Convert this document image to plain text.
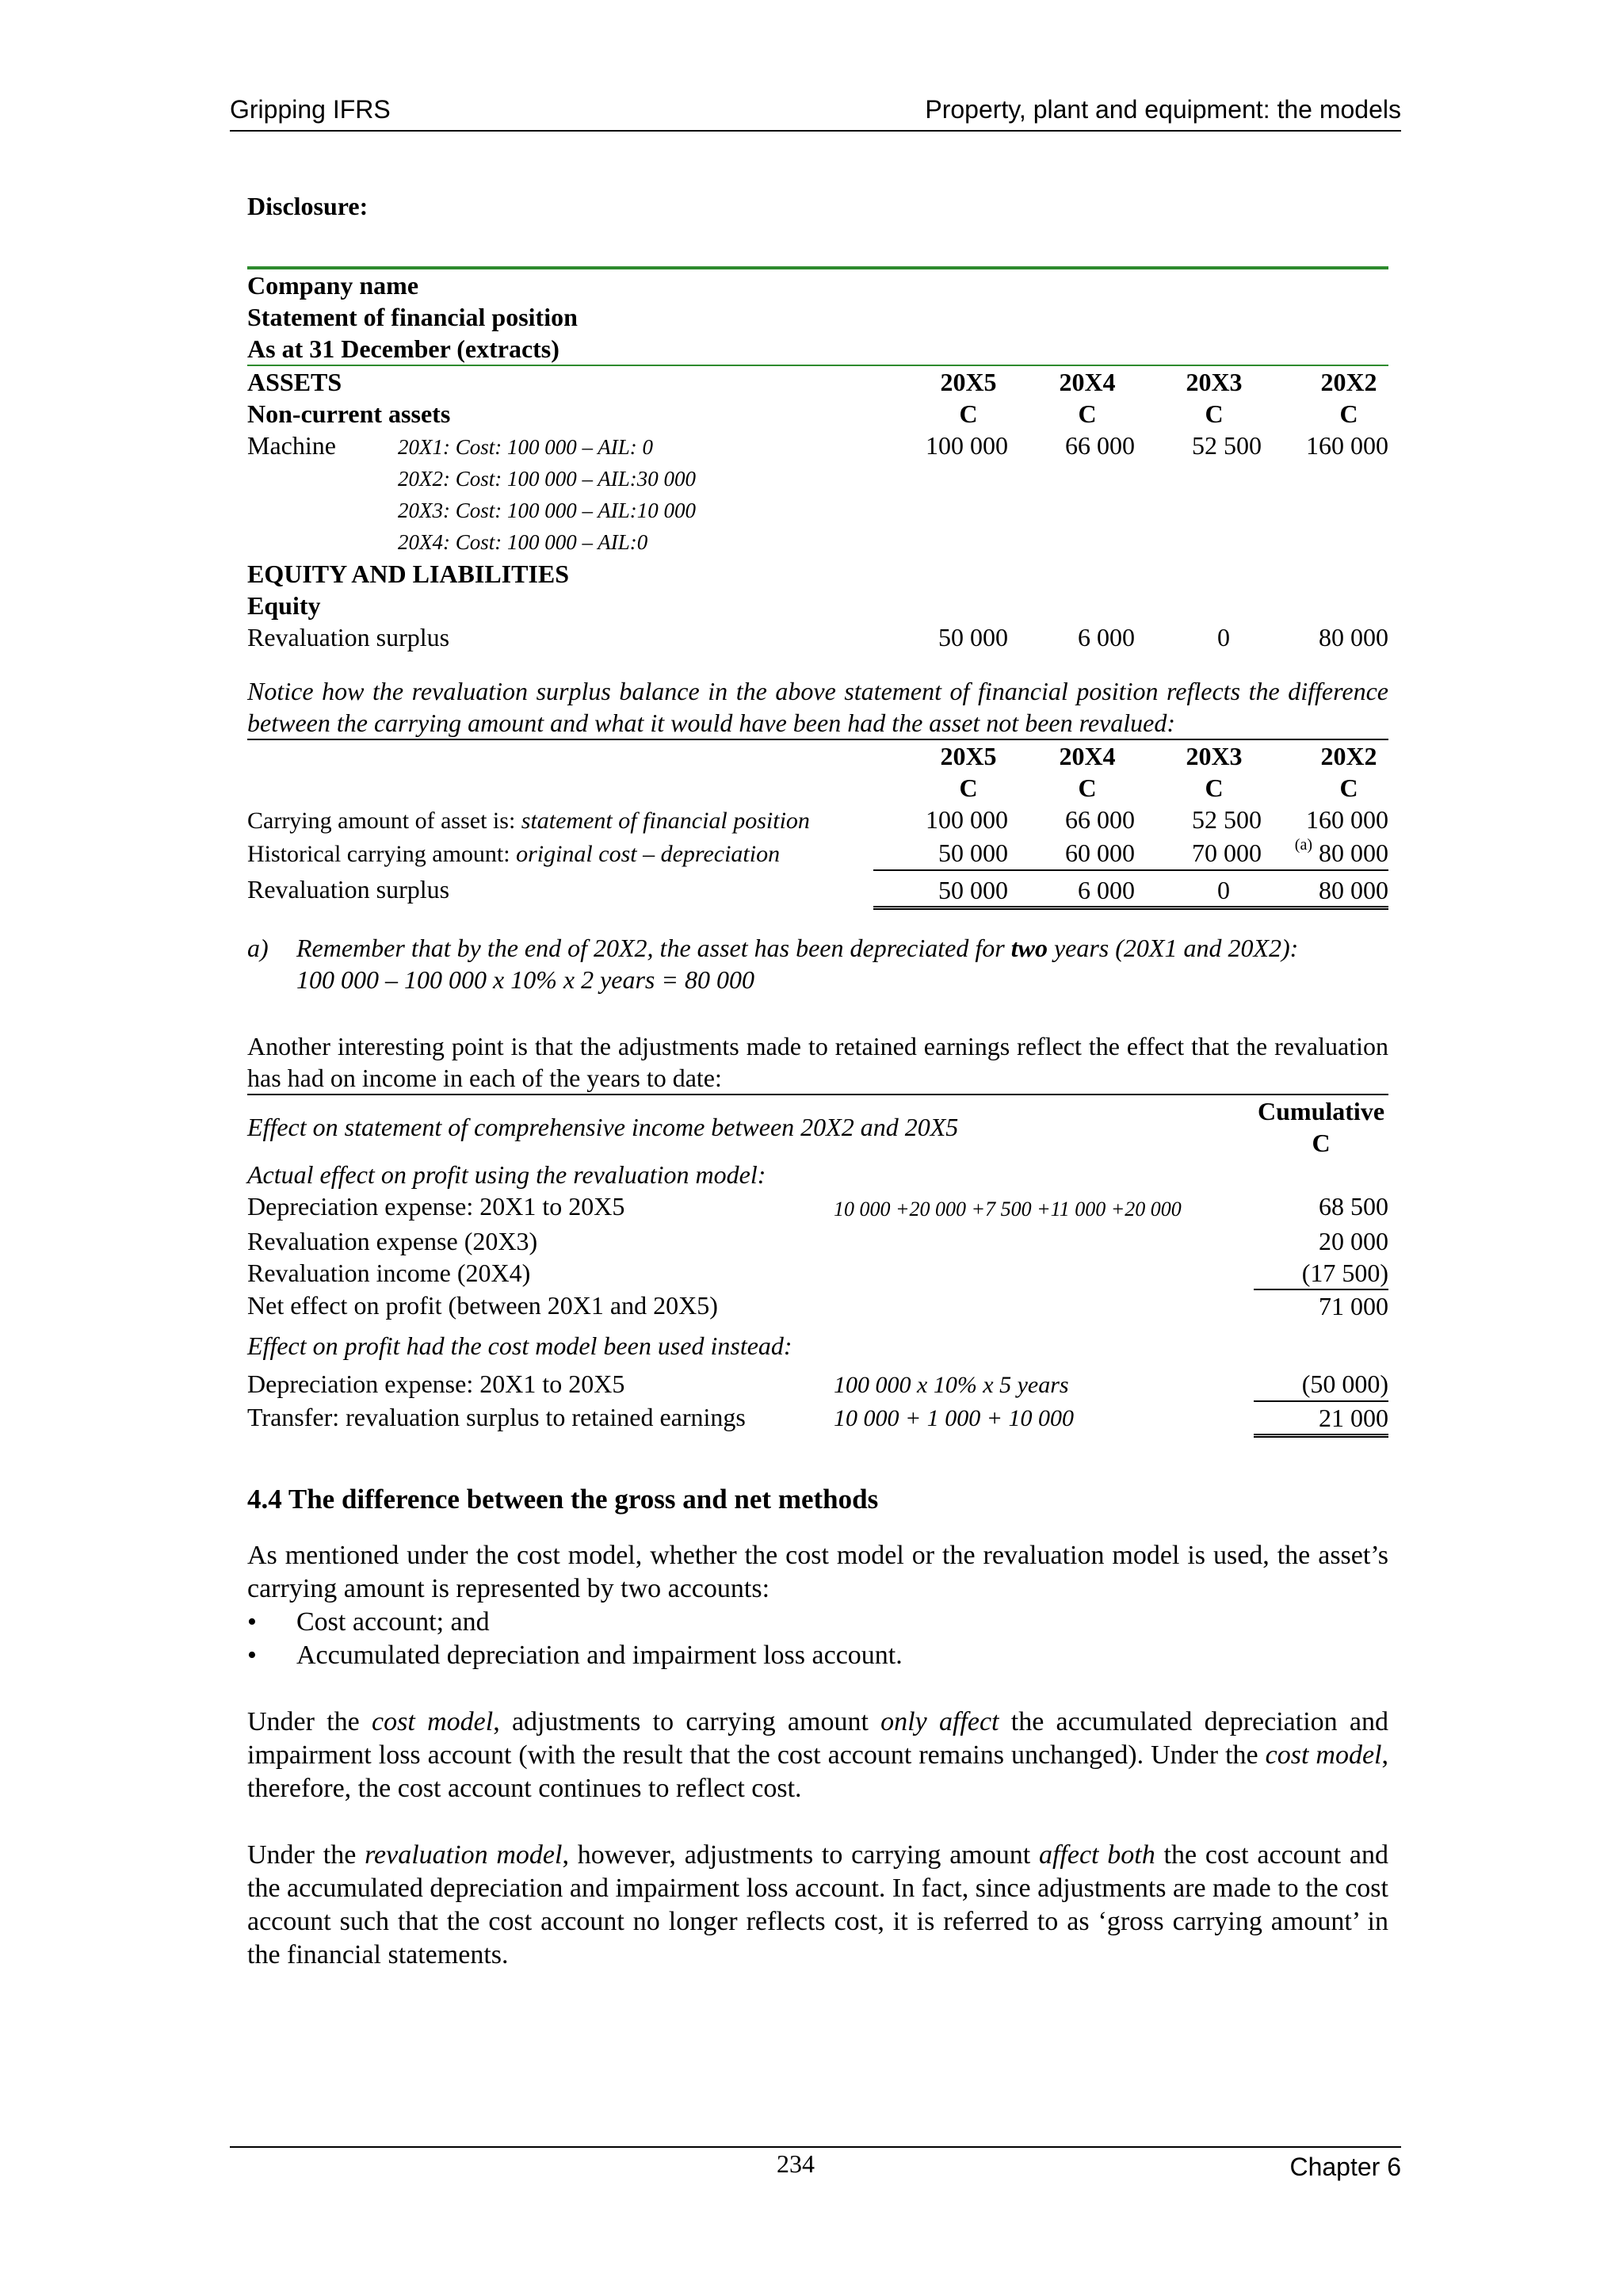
Gripping IFRS	Property, plant and equipment: the models
Disclosure:
Company name
Statement of financial position
As at 31 December (extracts)
ASSETS		20X5	20X4	20X3	20X2
Non-current assets		C	C	C	C
Machine	20X1: Cost: 100 000 – AIL: 0	100 000	66 000	52 500	160 000
	20X2: Cost: 100 000 – AIL:30 000				
	20X3: Cost: 100 000 – AIL:10 000				
	20X4: Cost: 100 000 – AIL:0				
EQUITY AND LIABILITIES					
Equity					
Revaluation surplus		50 000	6 000	0	80 000
Notice how the revaluation surplus balance in the above statement of financial position reflects the difference between the carrying amount and what it would have been had the asset not been revalued:
	20X5	20X4	20X3	20X2
	C	C	C	C
Carrying amount of asset is: statement of financial position	100 000	66 000	52 500	160 000
Historical carrying amount: original cost – depreciation	50 000	60 000	70 000	$^{(a)}$ 80 000
Revaluation surplus	50 000	6 000	0	80 000
a) Remember that by the end of 20X2, the asset has been depreciated for two years (20X1 and 20X2):
100 000 – 100 000 x 10% x 2 years = 80 000
Another interesting point is that the adjustments made to retained earnings reflect the effect that the revaluation has had on income in each of the years to date:
Effect on statement of comprehensive income between 20X2 and 20X5		Cumulative
C

Actual effect on profit using the revaluation model:		
Depreciation expense: 20X1 to 20X5	10 000 +20 000 +7 500 +11 000 +20 000	68 500
Revaluation expense (20X3)		20 000
Revaluation income (20X4)		(17 500)
Net effect on profit (between 20X1 and 20X5)		71 000
Effect on profit had the cost model been used instead:		
Depreciation expense: 20X1 to 20X5	100 000 x 10% x 5 years	(50 000)
Transfer: revaluation surplus to retained earnings	10 000 + 1 000 + 10 000	21 000
4.4 The difference between the gross and net methods
As mentioned under the cost model, whether the cost model or the revaluation model is used, the asset’s carrying amount is represented by two accounts:
• Cost account; and
• Accumulated depreciation and impairment loss account.
Under the cost model, adjustments to carrying amount only affect the accumulated depreciation and impairment loss account (with the result that the cost account remains unchanged). Under the cost model, therefore, the cost account continues to reflect cost.
Under the revaluation model, however, adjustments to carrying amount affect both the cost account and the accumulated depreciation and impairment loss account. In fact, since adjustments are made to the cost account such that the cost account no longer reflects cost, it is referred to as ‘gross carrying amount’ in the financial statements.
234	Chapter 6
